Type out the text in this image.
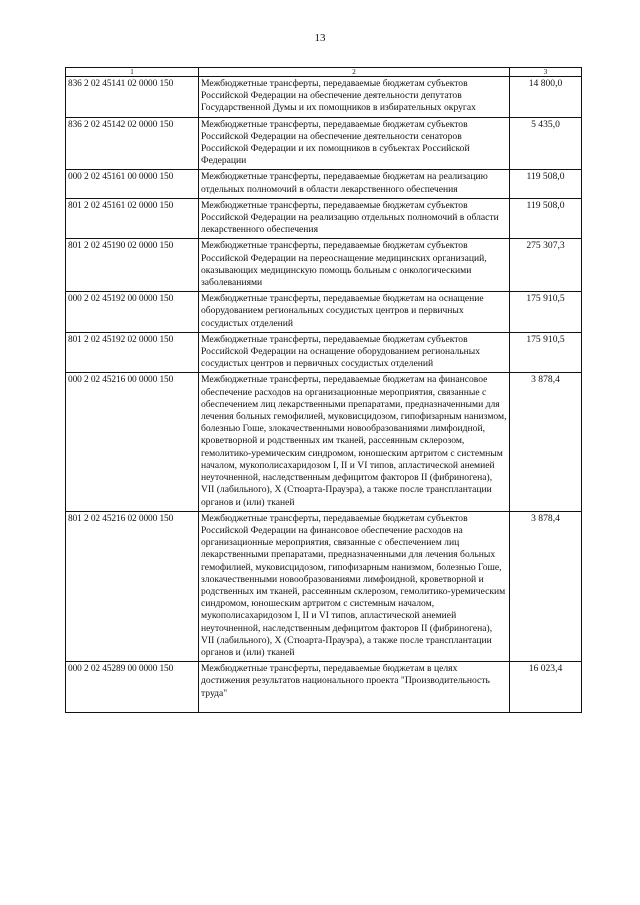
13
1	2	3
836 2 02 45141 02 0000 150	Межбюджетные трансферты, передаваемые бюджетам субъектов Российской Федерации на обеспечение деятельности депутатов Государственной Думы и их помощников в избирательных округах	14 800,0
836 2 02 45142 02 0000 150	Межбюджетные трансферты, передаваемые бюджетам субъектов Российской Федерации на обеспечение деятельности сенаторов Российской Федерации и их помощников в субъектах Российской Федерации	5 435,0
000 2 02 45161 00 0000 150	Межбюджетные трансферты, передаваемые бюджетам на реализацию отдельных полномочий в области лекарственного обеспечения	119 508,0
801 2 02 45161 02 0000 150	Межбюджетные трансферты, передаваемые бюджетам субъектов Российской Федерации на реализацию отдельных полномочий в области лекарственного обеспечения	119 508,0
801 2 02 45190 02 0000 150	Межбюджетные трансферты, передаваемые бюджетам субъектов Российской Федерации на переоснащение медицинских организаций, оказывающих медицинскую помощь больным с онкологическими заболеваниями	275 307,3
000 2 02 45192 00 0000 150	Межбюджетные трансферты, передаваемые бюджетам на оснащение оборудованием региональных сосудистых центров и первичных сосудистых отделений	175 910,5
801 2 02 45192 02 0000 150	Межбюджетные трансферты, передаваемые бюджетам субъектов Российской Федерации на оснащение оборудованием региональных сосудистых центров и первичных сосудистых отделений	175 910,5
000 2 02 45216 00 0000 150	Межбюджетные трансферты, передаваемые бюджетам на финансовое обеспечение расходов на организационные мероприятия, связанные с обеспечением лиц лекарственными препаратами, предназначенными для лечения больных гемофилией, муковисцидозом, гипофизарным нанизмом, болезнью Гоше, злокачественными новообразованиями лимфоидной, кроветворной и родственных им тканей, рассеянным склерозом, гемолитико-уремическим синдромом, юношеским артритом с системным началом, мукополисахаридозом I, II и VI типов, апластической анемией неуточненной, наследственным дефицитом факторов II (фибриногена), VII (лабильного), X (Стюарта-Прауэра), а также после трансплантации органов и (или) тканей	3 878,4
801 2 02 45216 02 0000 150	Межбюджетные трансферты, передаваемые бюджетам субъектов Российской Федерации на финансовое обеспечение расходов на организационные мероприятия, связанные с обеспечением лиц лекарственными препаратами, предназначенными для лечения больных гемофилией, муковисцидозом, гипофизарным нанизмом, болезнью Гоше, злокачественными новообразованиями лимфоидной, кроветворной и родственных им тканей, рассеянным склерозом, гемолитико-уремическим синдромом, юношеским артритом с системным началом, мукополисахаридозом I, II и VI типов, апластической анемией неуточненной, наследственным дефицитом факторов II (фибриногена), VII (лабильного), X (Стюарта-Прауэра), а также после трансплантации органов и (или) тканей	3 878,4
000 2 02 45289 00 0000 150	Межбюджетные трансферты, передаваемые бюджетам в целях достижения результатов национального проекта "Производительность труда"	16 023,4
